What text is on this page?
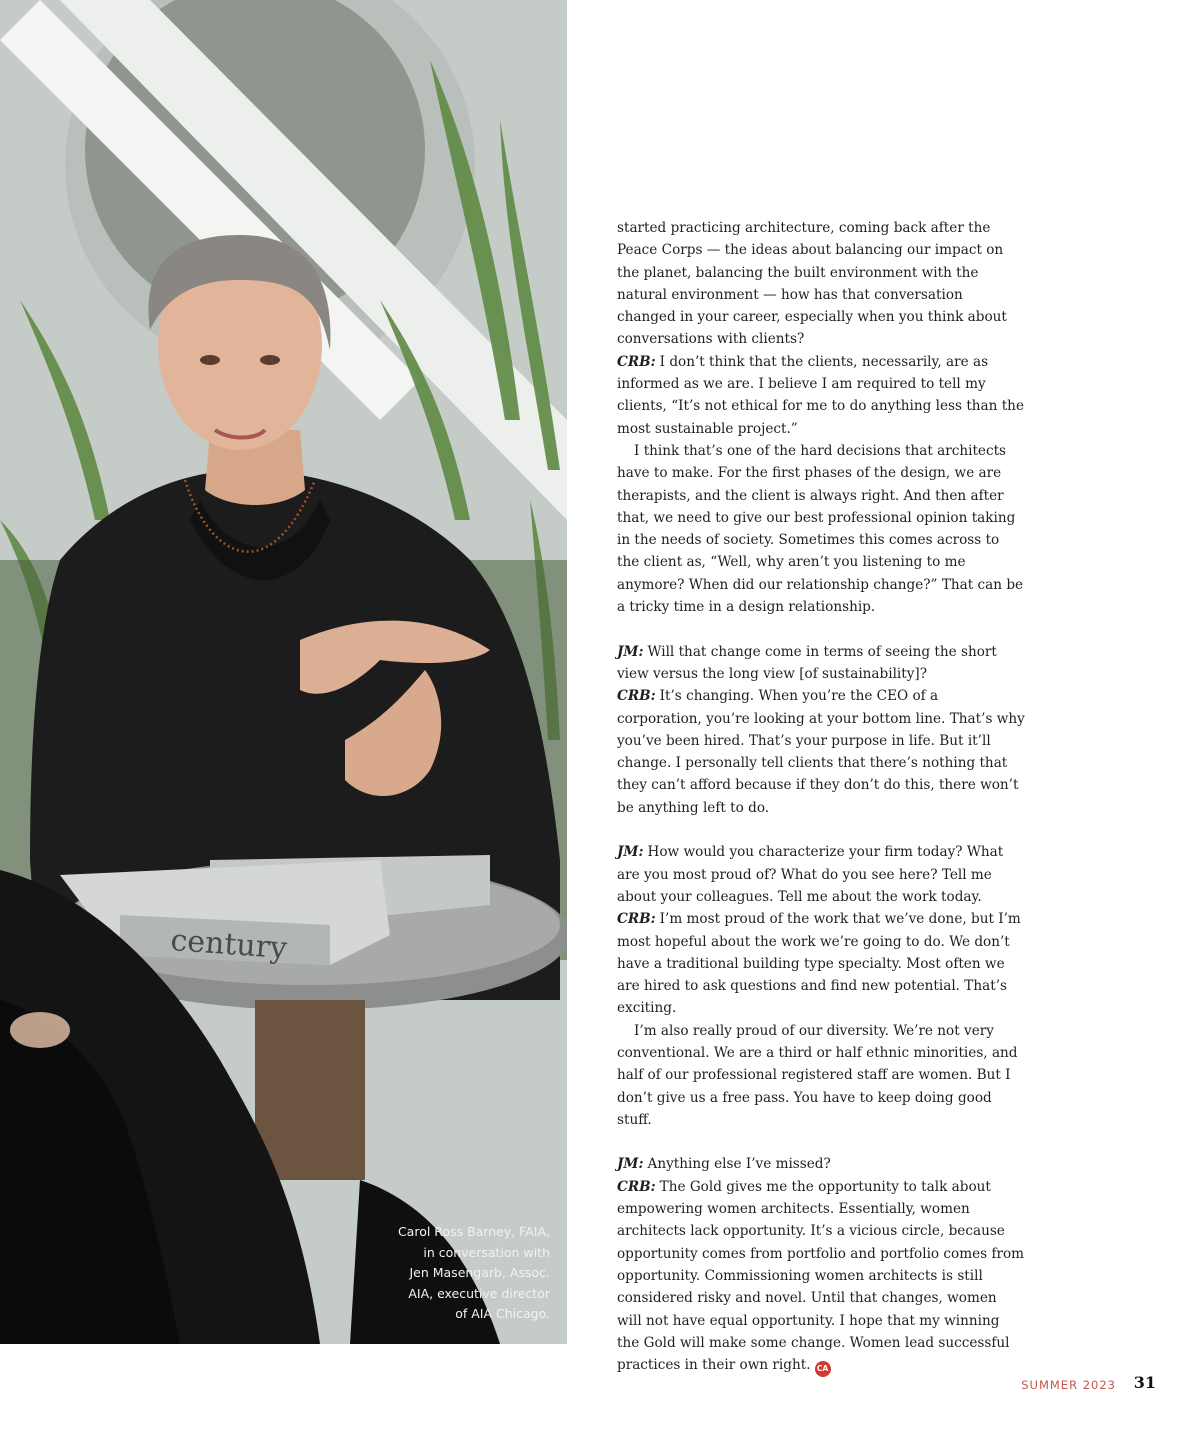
century
Carol Ross Barney, FAIA,
in conversation with
Jen Masengarb, Assoc.
AIA, executive director
of AIA Chicago.

started practicing architecture, coming back after the Peace Corps — the ideas about balancing our impact on the planet, balancing the built environment with the natural environment — how has that conversation changed in your career, especially when you think about conversations with clients?

CRB: I don’t think that the clients, necessarily, are as informed as we are. I believe I am required to tell my clients, “It’s not ethical for me to do anything less than the most sustainable project.”

I think that’s one of the hard decisions that architects have to make. For the first phases of the design, we are therapists, and the client is always right. And then after that, we need to give our best professional opinion taking in the needs of society. Sometimes this comes across to the client as, “Well, why aren’t you listening to me anymore? When did our relationship change?” That can be a tricky time in a design relationship.

JM: Will that change come in terms of seeing the short view versus the long view [of sustainability]?

CRB: It’s changing. When you’re the CEO of a corporation, you’re looking at your bottom line. That’s why you’ve been hired. That’s your purpose in life. But it’ll change. I personally tell clients that there’s nothing that they can’t afford because if they don’t do this, there won’t be anything left to do.

JM: How would you characterize your firm today? What are you most proud of? What do you see here? Tell me about your colleagues. Tell me about the work today.

CRB: I’m most proud of the work that we’ve done, but I’m most hopeful about the work we’re going to do. We don’t have a traditional building type specialty. Most often we are hired to ask questions and find new potential. That’s exciting.

I’m also really proud of our diversity. We’re not very conventional. We are a third or half ethnic minorities, and half of our professional registered staff are women. But I don’t give us a free pass. You have to keep doing good stuff.

JM: Anything else I’ve missed?

CRB: The Gold gives me the opportunity to talk about empowering women architects. Essentially, women architects lack opportunity. It’s a vicious circle, because opportunity comes from portfolio and portfolio comes from opportunity. Commissioning women architects is still considered risky and novel. Until that changes, women will not have equal opportunity. I hope that my winning the Gold will make some change. Women lead successful practices in their own right. CA

SUMMER 2023 31
